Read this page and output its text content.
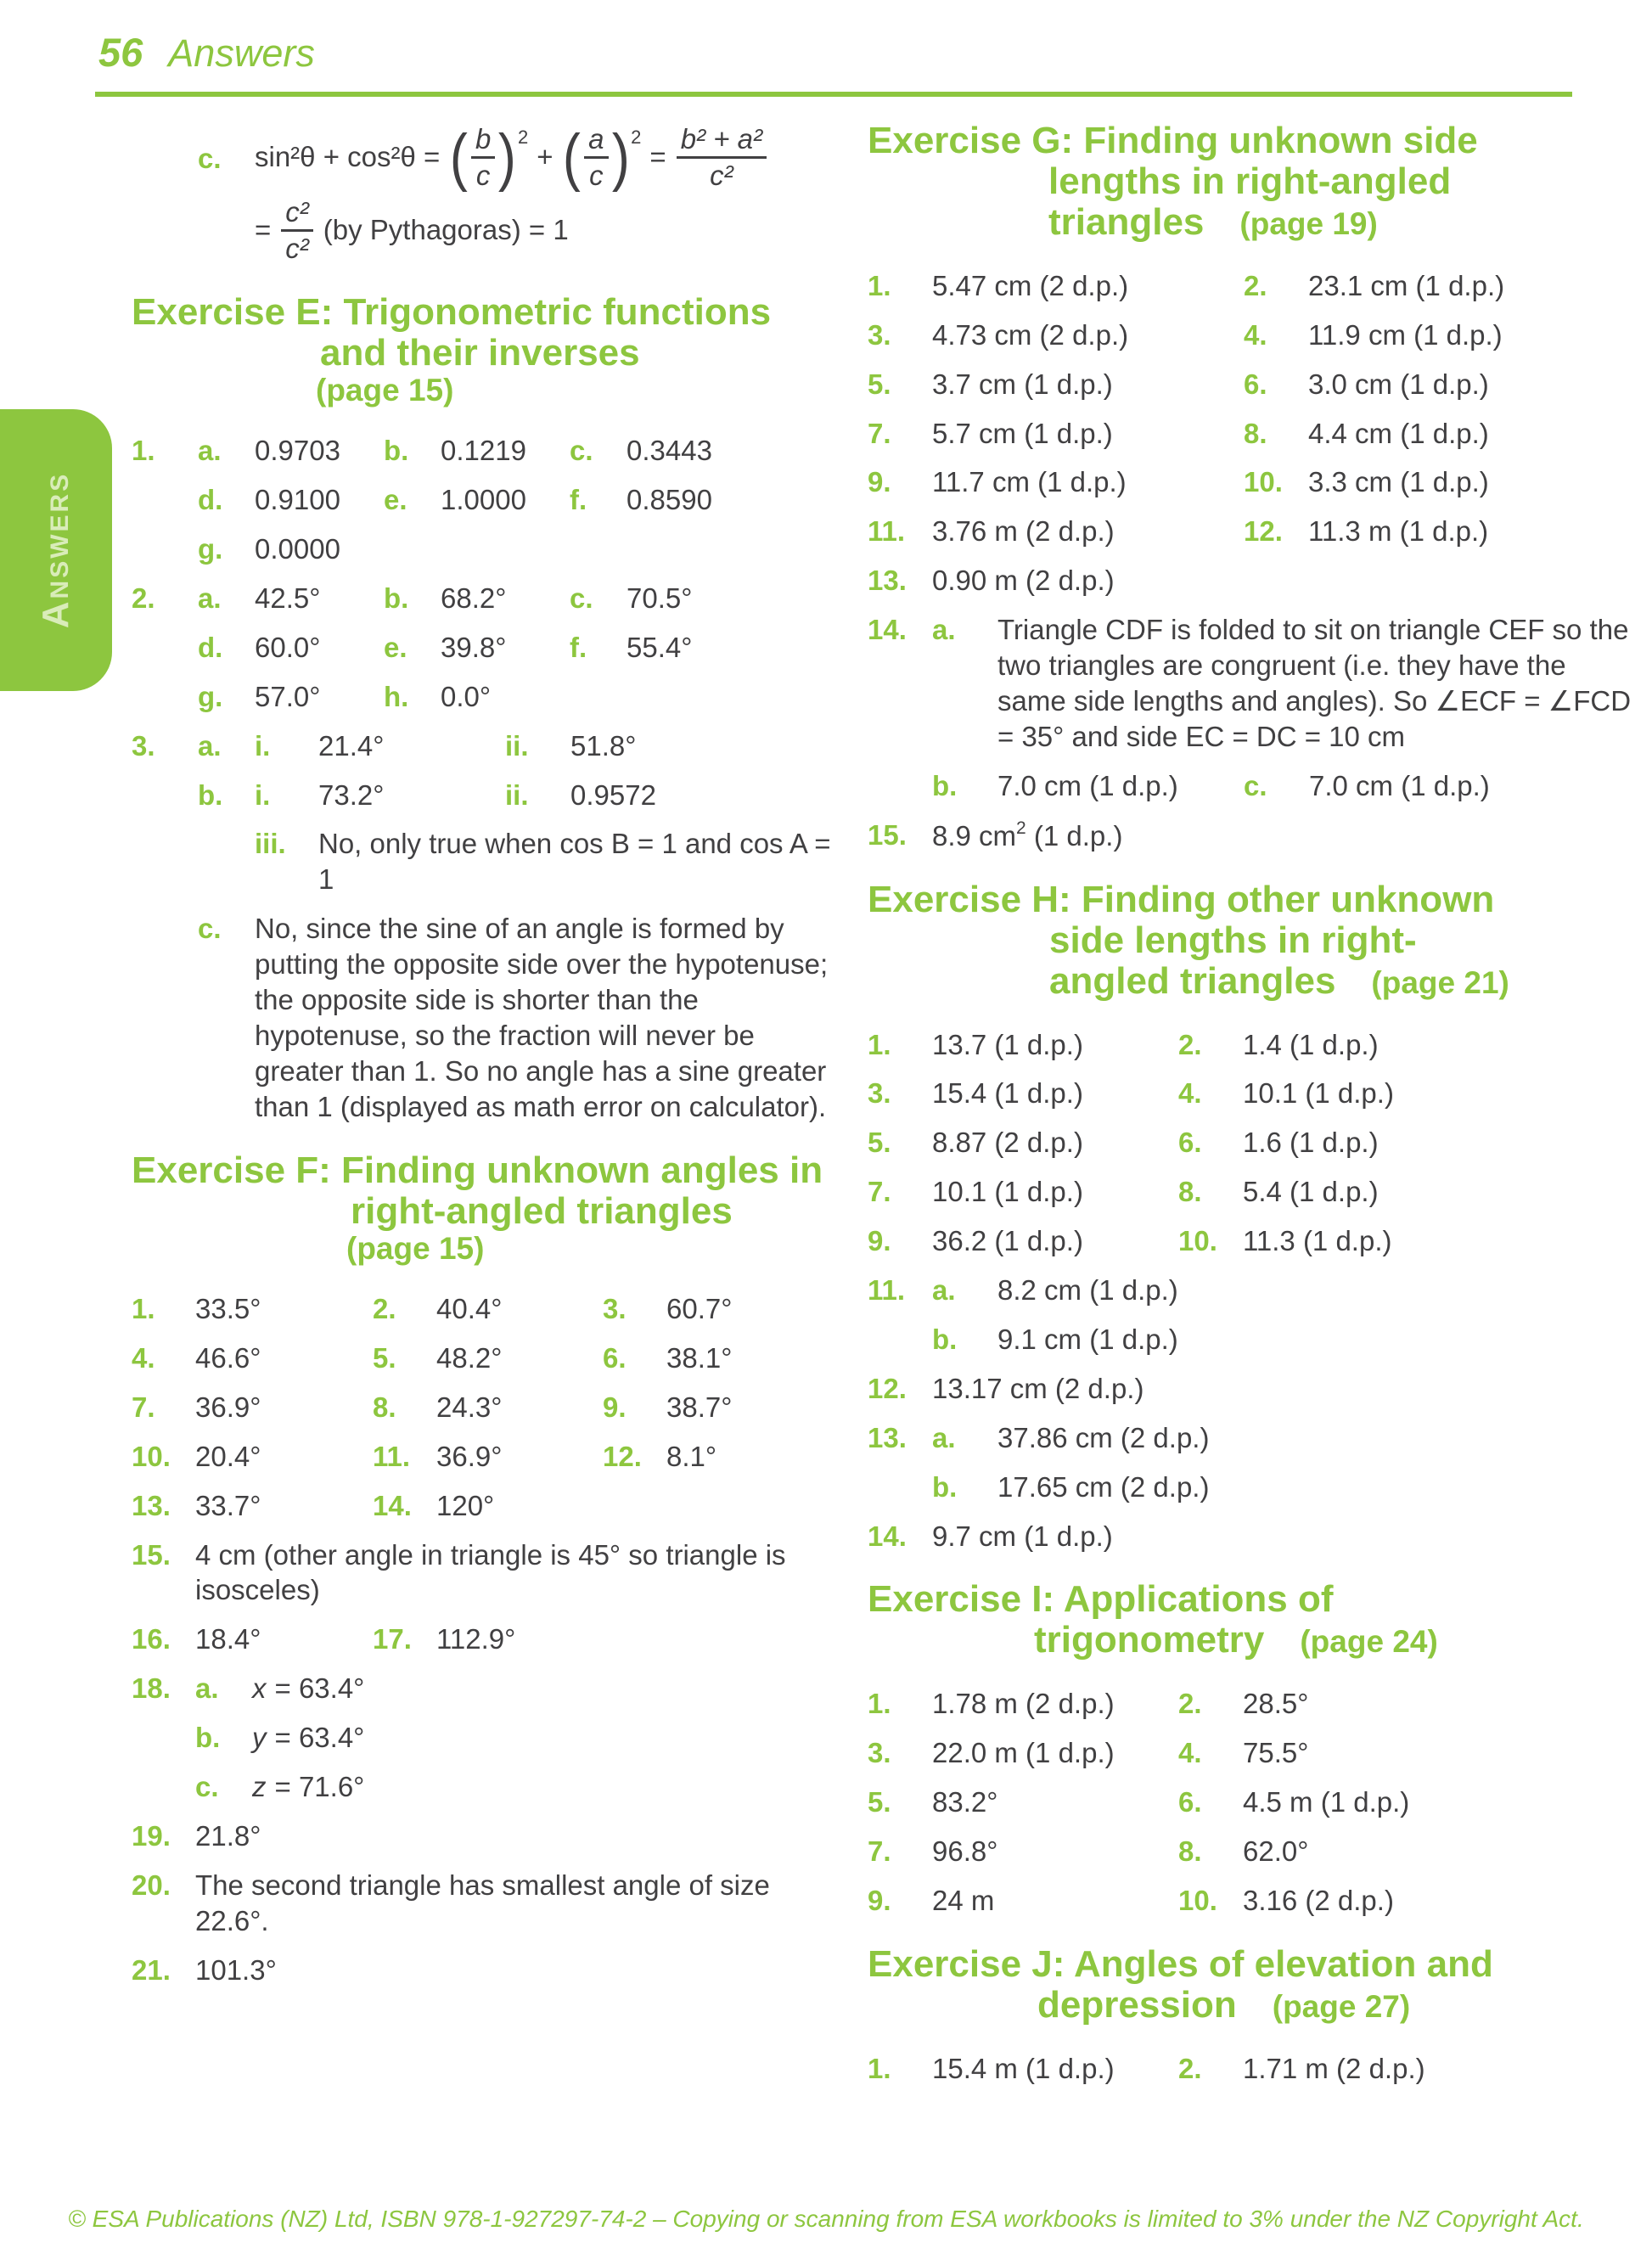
56 Answers
ANSWERS
c.	sin²θ + cos²θ = ( $\frac{b}{c}$ ) 2
+ ( $\frac{a}{c}$ ) 2
= $\frac{\text{b² + a²}}{\text{c²}}$
= $\frac{\text{c²}}{\text{c²}} (by$ Pythagoras) = 1
Exercise E: Trigonometric functions
and their inverses
(page 15)
1.	a.	0.9703	b.	0.1219	c.	0.3443
d.	0.9100	e.	1.0000	f.	0.8590
g.	0.0000
2.	a.	42.5°	b.	68.2°	c.	70.5°
d.	60.0°	e.	39.8°	f.	55.4°
g.	57.0°	h.	0.0°
3.	a.	i.	21.4°	ii.	51.8°
b.	i.	73.2°	ii.	0.9572
iii.	No, only true when cos B = 1 and cos A = 1
c.	No, since the sine of an angle is formed by putting the opposite side over the hypotenuse; the opposite side is shorter than the hypotenuse, so the fraction will never be greater than 1. So no angle has a sine greater than 1 (displayed as math error on calculator).
Exercise F: Finding unknown angles in
right-angled triangles
(page 15)
1.	33.5°	2.	40.4°	3.	60.7°
4.	46.6°	5.	48.2°	6.	38.1°
7.	36.9°	8.	24.3°	9.	38.7°
10. 20.4°	11. 36.9°	12. 8.1°
13. 33.7°	14. 120°
15. 4 cm (other angle in triangle is 45° so triangle is isosceles)
16. 18.4°	17. 112.9°
18. a.	x = 63.4°
b.	y = 63.4°
c.	z = 71.6°
19. 21.8°
20. The second triangle has smallest angle of size 22.6°.
21. 101.3°
Exercise G: Finding unknown side
lengths in right-angled
triangles (page 19)
1.	5.47 cm (2 d.p.)	2.	23.1 cm (1 d.p.)
3.	4.73 cm (2 d.p.)	4.	11.9 cm (1 d.p.)
5.	3.7 cm (1 d.p.)	6.	3.0 cm (1 d.p.)
7.	5.7 cm (1 d.p.)	8.	4.4 cm (1 d.p.)
9.	11.7 cm (1 d.p.)	10. 3.3 cm (1 d.p.)
11. 3.76 m (2 d.p.)	12. 11.3 m (1 d.p.)
13. 0.90 m (2 d.p.)
14. a.	Triangle CDF is folded to sit on triangle CEF so the two triangles are congruent (i.e. they have the same side lengths and angles). So ∠ECF = ∠FCD = 35° and side EC = DC = 10 cm
b.	7.0 cm (1 d.p.)	c.	7.0 cm (1 d.p.)
15. 8.9 $cm^2$ (1 d.p.)
Exercise H: Finding other unknown
side lengths in right-
angled triangles (page 21)
1.	13.7 (1 d.p.)	2.	1.4 (1 d.p.)
3.	15.4 (1 d.p.)	4.	10.1 (1 d.p.)
5.	8.87 (2 d.p.)	6.	1.6 (1 d.p.)
7.	10.1 (1 d.p.)	8.	5.4 (1 d.p.)
9.	36.2 (1 d.p.)	10. 11.3 (1 d.p.)
11. a.	8.2 cm (1 d.p.)
b.	9.1 cm (1 d.p.)
12. 13.17 cm (2 d.p.)
13. a.	37.86 cm (2 d.p.)
b.	17.65 cm (2 d.p.)
14. 9.7 cm (1 d.p.)
Exercise I: Applications of
trigonometry (page 24)
1.	1.78 m (2 d.p.)	2.	28.5°
3.	22.0 m (1 d.p.)	4.	75.5°
5.	83.2°	6.	4.5 m (1 d.p.)
7.	96.8°	8.	62.0°
9.	24 m	10. 3.16 (2 d.p.)
Exercise J: Angles of elevation and
depression (page 27)
1.	15.4 m (1 d.p.)	2.	1.71 m (2 d.p.)
© ESA Publications (NZ) Ltd, ISBN 978-1-927297-74-2 – Copying or scanning from ESA workbooks is limited to 3% under the NZ Copyright Act.
